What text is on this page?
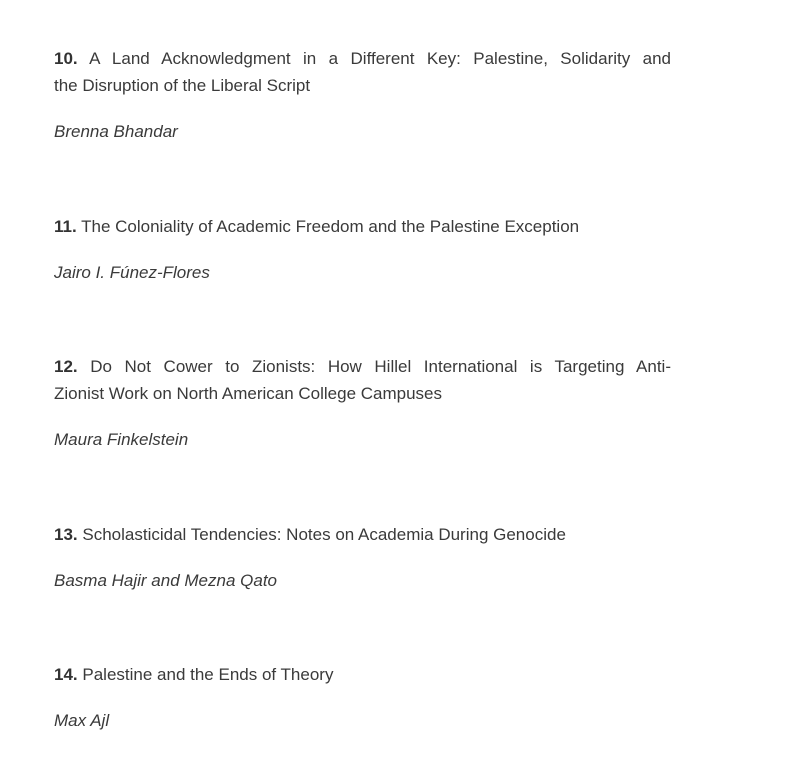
10. A Land Acknowledgment in a Different Key: Palestine, Solidarity and
the Disruption of the Liberal Script

Brenna Bhandar

11. The Coloniality of Academic Freedom and the Palestine Exception

Jairo I. Fúnez-Flores

12. Do Not Cower to Zionists: How Hillel International is Targeting Anti-
Zionist Work on North American College Campuses

Maura Finkelstein

13. Scholasticidal Tendencies: Notes on Academia During Genocide

Basma Hajir and Mezna Qato

14. Palestine and the Ends of Theory

Max Ajl
